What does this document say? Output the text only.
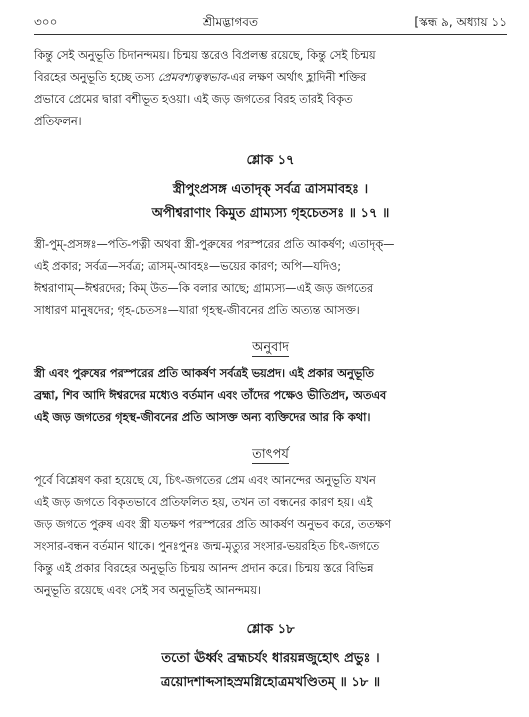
৩০০	শ্রীমদ্ভাগবত	[স্কন্ধ ৯, অধ্যায় ১১

কিন্তু সেই অনুভূতি চিদানন্দময়। চিন্ময় স্তরেও বিপ্রলম্ভ রয়েছে, কিন্তু সেই চিন্ময়

বিরহের অনুভূতি হচ্ছে তস্য প্রেমবশ্যত্বস্বভাব-এর লক্ষণ অর্থাৎ হ্লাদিনী শক্তির

প্রভাবে প্রেমের দ্বারা বশীভূত হওয়া। এই জড় জগতের বিরহ তারই বিকৃত

প্রতিফলন।

শ্লোক ১৭

স্ত্রীপুংপ্রসঙ্গ এতাদৃক্ সর্বত্র ত্রাসমাবহঃ ।

অপীশ্বরাণাং কিমুত গ্রাম্যস্য গৃহচেতসঃ ॥ ১৭ ॥

স্ত্রী-পুম্-প্রসঙ্গঃ—পতি-পত্নী অথবা স্ত্রী-পুরুষের পরস্পরের প্রতি আকর্ষণ; এতাদৃক্—

এই প্রকার; সর্বত্র—সর্বত্র; ত্রাসম্-আবহঃ—ভয়ের কারণ; অপি—যদিও;

ঈশ্বরাণাম্—ঈশ্বরদের; কিম্ উত—কি বলার আছে; গ্রাম্যস্য—এই জড় জগতের

সাধারণ মানুষদের; গৃহ-চেতসঃ—যারা গৃহস্থ-জীবনের প্রতি অত্যন্ত আসক্ত।

অনুবাদ

স্ত্রী এবং পুরুষের পরস্পরের প্রতি আকর্ষণ সর্বত্রই ভয়প্রদ। এই প্রকার অনুভূতি

ব্রহ্মা, শিব আদি ঈশ্বরদের মধ্যেও বর্তমান এবং তাঁদের পক্ষেও ভীতিপ্রদ, অতএব

এই জড় জগতের গৃহস্থ-জীবনের প্রতি আসক্ত অন্য ব্যক্তিদের আর কি কথা।

তাৎপর্য

পূর্বে বিশ্লেষণ করা হয়েছে যে, চিৎ-জগতের প্রেম এবং আনন্দের অনুভূতি যখন

এই জড় জগতে বিকৃতভাবে প্রতিফলিত হয়, তখন তা বন্ধনের কারণ হয়। এই

জড় জগতে পুরুষ এবং স্ত্রী যতক্ষণ পরস্পরের প্রতি আকর্ষণ অনুভব করে, ততক্ষণ

সংসার-বন্ধন বর্তমান থাকে। পুনঃপুনঃ জন্ম-মৃত্যুর সংসার-ভয়রহিত চিৎ-জগতে

কিন্তু এই প্রকার বিরহের অনুভূতি চিন্ময় আনন্দ প্রদান করে। চিন্ময় স্তরে বিভিন্ন

অনুভূতি রয়েছে এবং সেই সব অনুভূতিই আনন্দময়।

শ্লোক ১৮

ততো ঊর্ধ্বং ব্রহ্মচর্যং ধারয়ন্নজুহোৎ প্রভুঃ ।

ত্রয়োদশাব্দসাহস্রমগ্নিহোত্রমখণ্ডিতম্ ॥ ১৮ ॥
